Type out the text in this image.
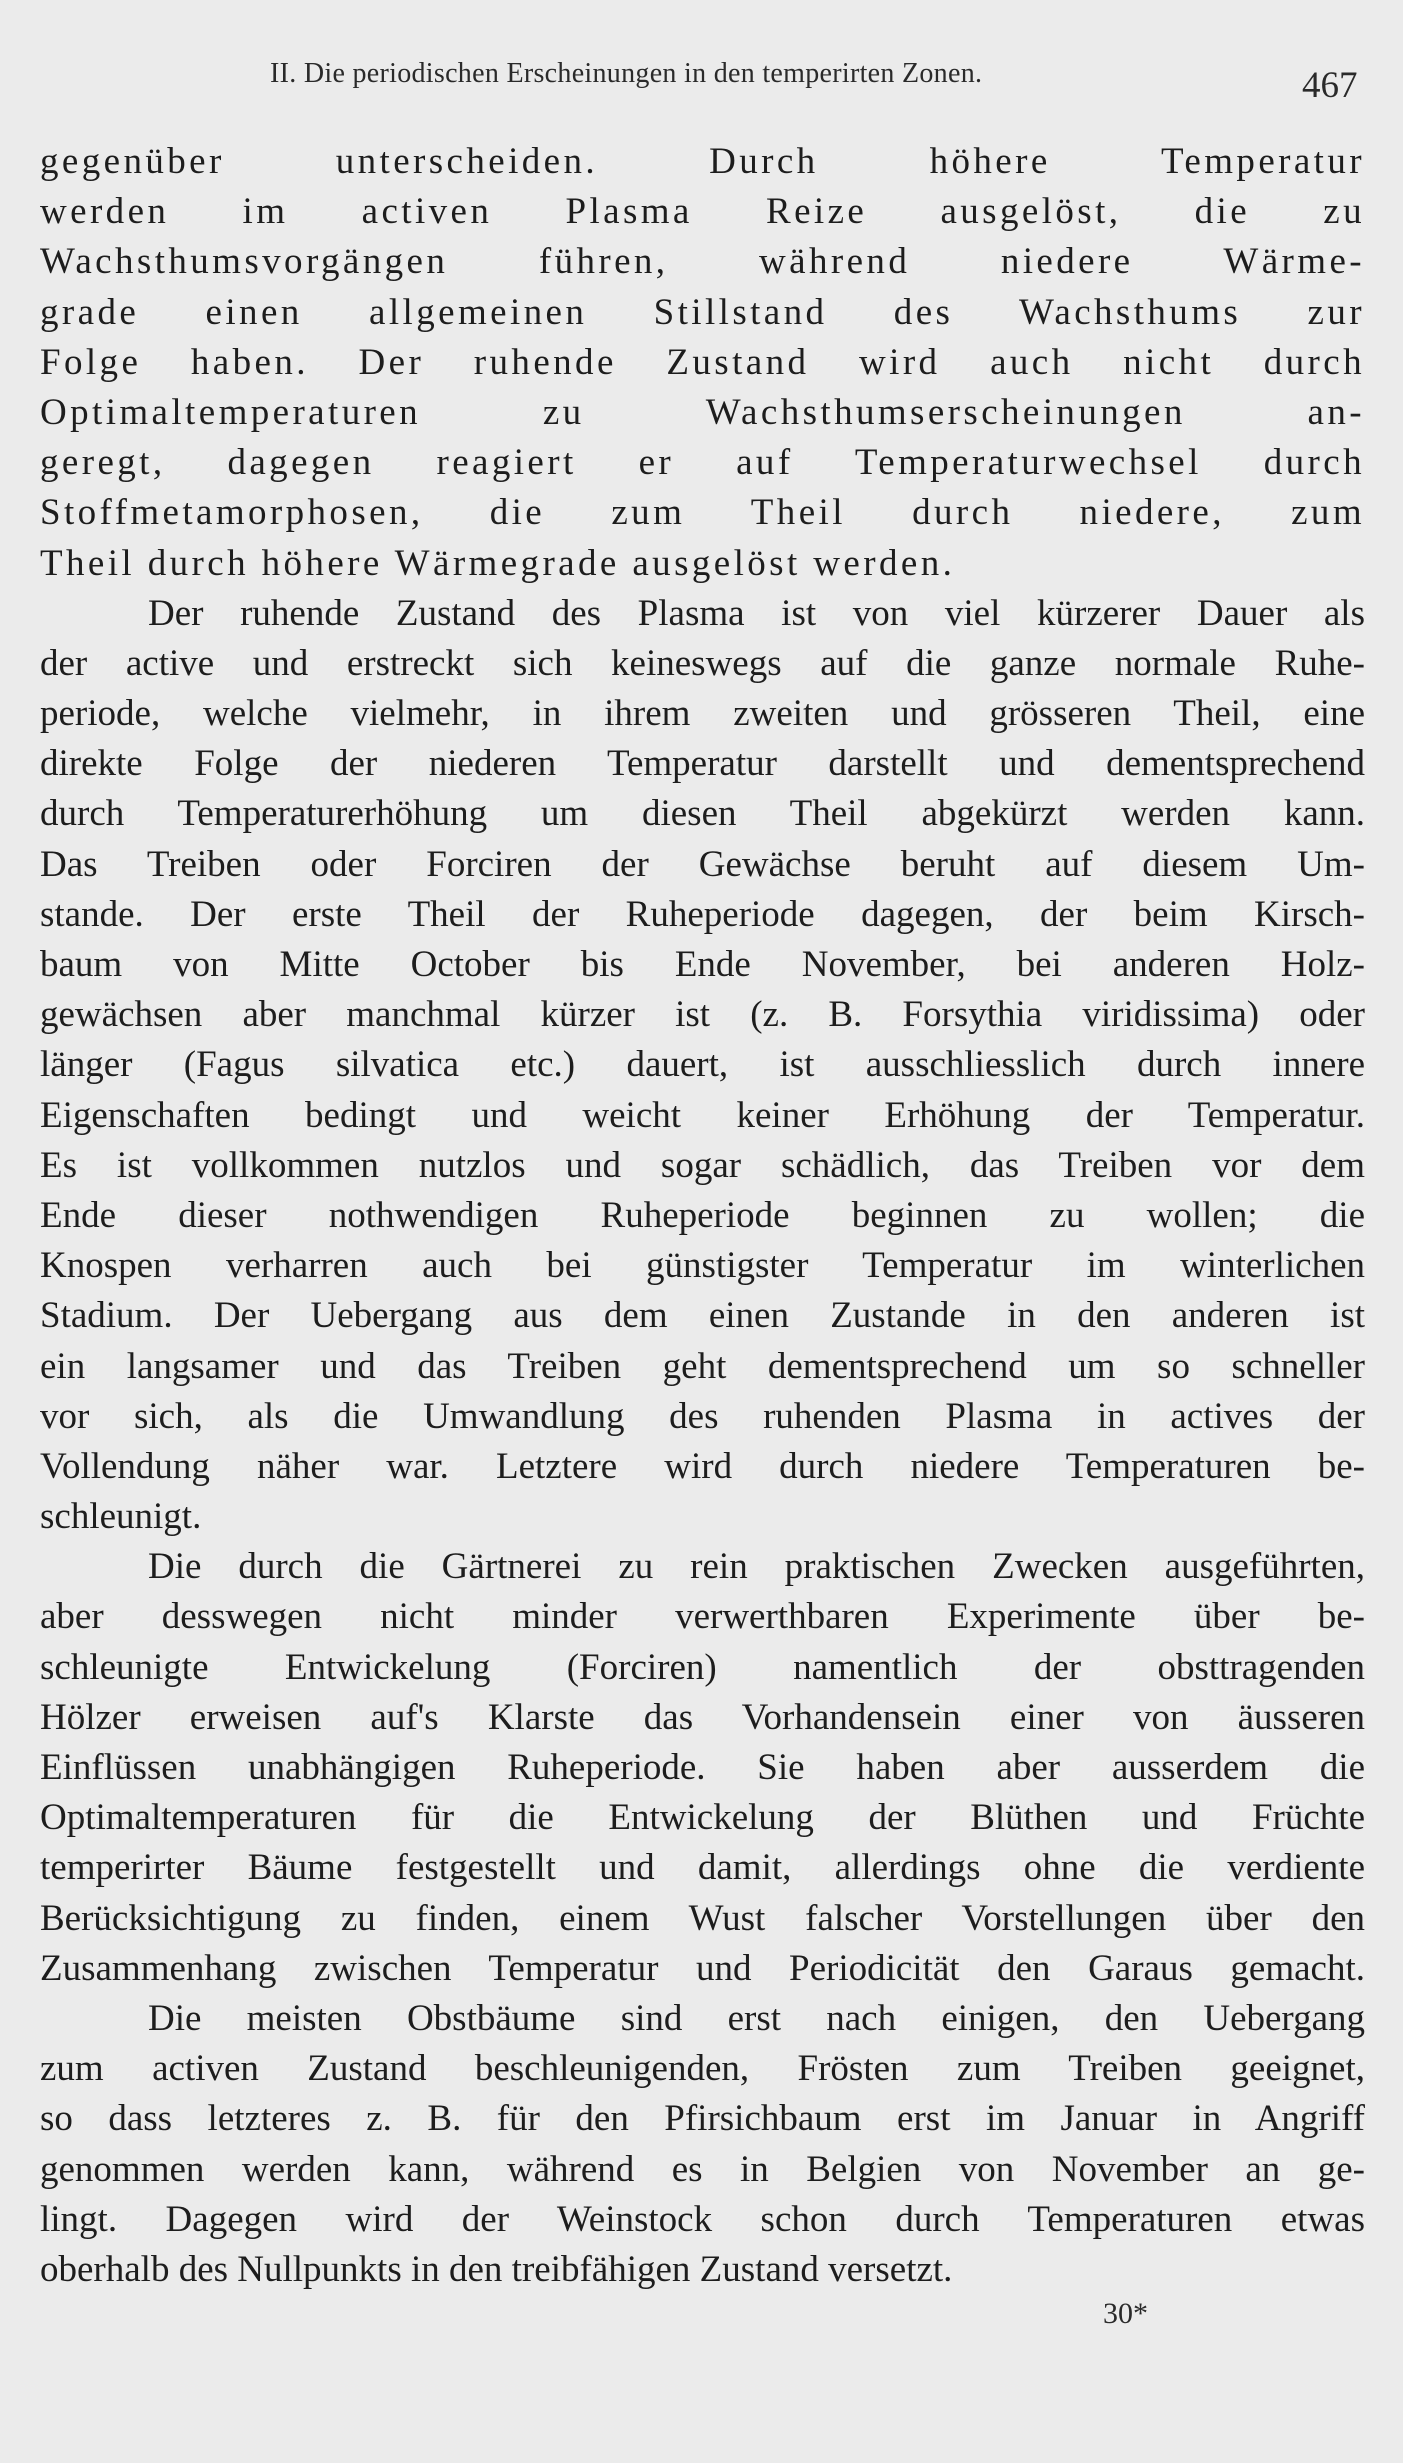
II. Die periodischen Erscheinungen in den temperirten Zonen.	467
gegenüber unterscheiden. Durch höhere Temperatur
werden im activen Plasma Reize ausgelöst, die zu
Wachsthumsvorgängen führen, während niedere Wärme-
grade einen allgemeinen Stillstand des Wachsthums zur
Folge haben. Der ruhende Zustand wird auch nicht durch
Optimaltemperaturen zu Wachsthumserscheinungen an-
geregt, dagegen reagiert er auf Temperaturwechsel durch
Stoffmetamorphosen, die zum Theil durch niedere, zum
Theil durch höhere Wärmegrade ausgelöst werden.
Der ruhende Zustand des Plasma ist von viel kürzerer Dauer als
der active und erstreckt sich keineswegs auf die ganze normale Ruhe-
periode, welche vielmehr, in ihrem zweiten und grösseren Theil, eine
direkte Folge der niederen Temperatur darstellt und dementsprechend
durch Temperaturerhöhung um diesen Theil abgekürzt werden kann.
Das Treiben oder Forciren der Gewächse beruht auf diesem Um-
stande. Der erste Theil der Ruheperiode dagegen, der beim Kirsch-
baum von Mitte October bis Ende November, bei anderen Holz-
gewächsen aber manchmal kürzer ist (z. B. Forsythia viridissima) oder
länger (Fagus silvatica etc.) dauert, ist ausschliesslich durch innere
Eigenschaften bedingt und weicht keiner Erhöhung der Temperatur.
Es ist vollkommen nutzlos und sogar schädlich, das Treiben vor dem
Ende dieser nothwendigen Ruheperiode beginnen zu wollen; die
Knospen verharren auch bei günstigster Temperatur im winterlichen
Stadium. Der Uebergang aus dem einen Zustande in den anderen ist
ein langsamer und das Treiben geht dementsprechend um so schneller
vor sich, als die Umwandlung des ruhenden Plasma in actives der
Vollendung näher war. Letztere wird durch niedere Temperaturen be-
schleunigt.
Die durch die Gärtnerei zu rein praktischen Zwecken ausgeführten,
aber desswegen nicht minder verwerthbaren Experimente über be-
schleunigte Entwickelung (Forciren) namentlich der obsttragenden
Hölzer erweisen auf's Klarste das Vorhandensein einer von äusseren
Einflüssen unabhängigen Ruheperiode. Sie haben aber ausserdem die
Optimaltemperaturen für die Entwickelung der Blüthen und Früchte
temperirter Bäume festgestellt und damit, allerdings ohne die verdiente
Berücksichtigung zu finden, einem Wust falscher Vorstellungen über den
Zusammenhang zwischen Temperatur und Periodicität den Garaus gemacht.
Die meisten Obstbäume sind erst nach einigen, den Uebergang
zum activen Zustand beschleunigenden, Frösten zum Treiben geeignet,
so dass letzteres z. B. für den Pfirsichbaum erst im Januar in Angriff
genommen werden kann, während es in Belgien von November an ge-
lingt. Dagegen wird der Weinstock schon durch Temperaturen etwas
oberhalb des Nullpunkts in den treibfähigen Zustand versetzt.
30*
